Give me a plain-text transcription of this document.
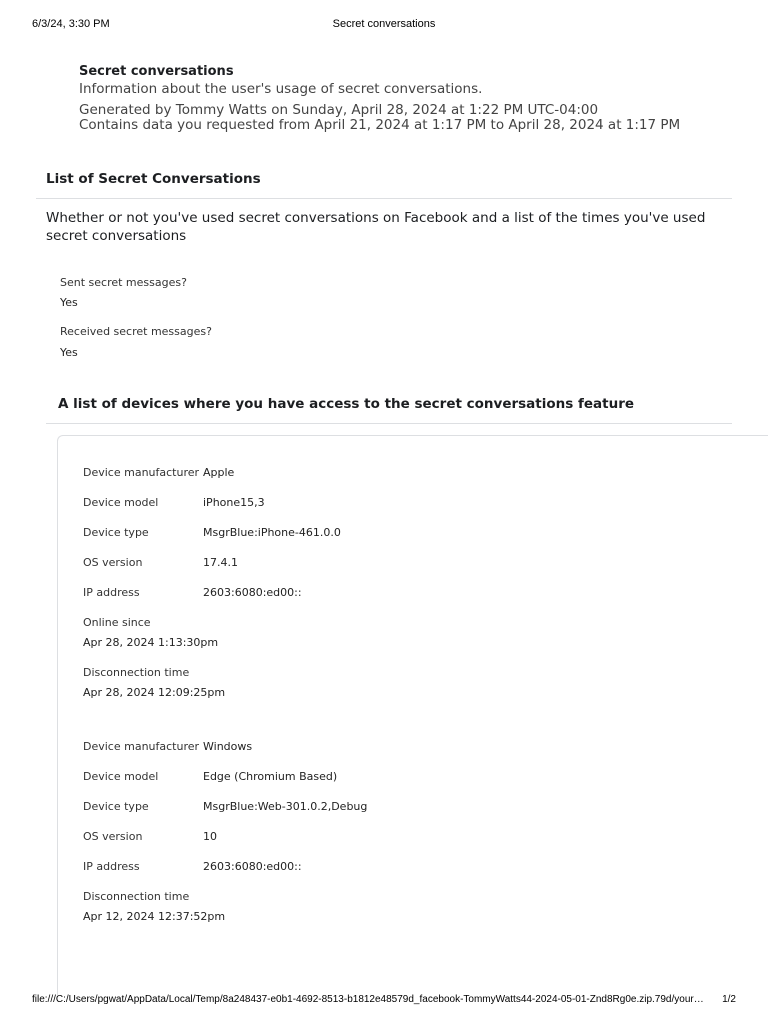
6/3/24, 3:30 PM	Secret conversations
Secret conversations
Information about the user's usage of secret conversations.
Generated by Tommy Watts on Sunday, April 28, 2024 at 1:22 PM UTC-04:00
Contains data you requested from April 21, 2024 at 1:17 PM to April 28, 2024 at 1:17 PM
List of Secret Conversations
Whether or not you've used secret conversations on Facebook and a list of the times you've used secret conversations
Sent secret messages?
Yes
Received secret messages?
Yes
A list of devices where you have access to the secret conversations feature
Device manufacturer Apple
Device model	iPhone15,3
Device type	MsgrBlue:iPhone-461.0.0
OS version	17.4.1
IP address	2603:6080:ed00::
Online since
Apr 28, 2024 1:13:30pm
Disconnection time
Apr 28, 2024 12:09:25pm
Device manufacturer Windows
Device model	Edge (Chromium Based)
Device type	MsgrBlue:Web-301.0.2,Debug
OS version	10
IP address	2603:6080:ed00::
Disconnection time
Apr 12, 2024 12:37:52pm
file:///C:/Users/pgwat/AppData/Local/Temp/8a248437-e0b1-4692-8513-b1812e48579d_facebook-TommyWatts44-2024-05-01-Znd8Rg0e.zip.79d/your…	1/2
